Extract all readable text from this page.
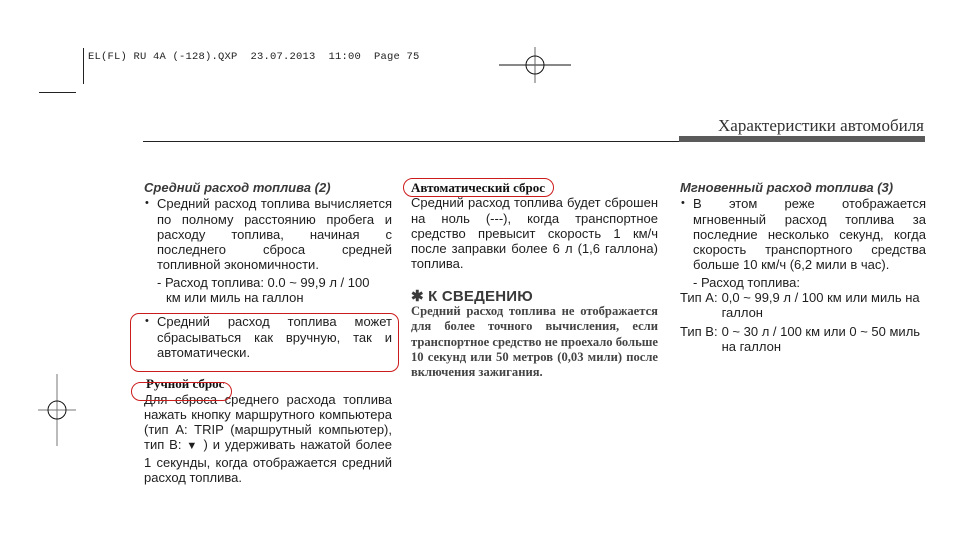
EL(FL) RU 4A (-128).QXP  23.07.2013  11:00  Page 75
Характеристики автомобиля
Средний расход топлива (2)
• Средний расход топлива вычисляется по полному расстоянию пробега и расходу топлива, начиная с последнего сброса средней топливной экономичности.
- Расход топлива: 0.0 ~ 99,9 л / 100
км или миль на галлон
• Средний расход топлива может сбрасываться как вручную, так и автоматически.
Ручной сброс
Для сброса среднего расхода топлива нажать кнопку маршрутного компьютера (тип A: TRIP (маршрутный компьютер), тип B: ▼ ) и удерживать нажатой более 1 секунды, когда отображается средний расход топлива.
Автоматический сброс
Средний расход топлива будет сброшен на ноль (---), когда транспортное средство превысит скорость 1 км/ч после заправки более 6 л (1,6 галлона) топлива.
✱ К СВЕДЕНИЮ
Средний расход топлива не отображается для более точного вычисления, если транспортное средство не проехало больше 10 секунд или 50 метров (0,03 мили) после включения зажигания.
Мгновенный расход топлива (3)
• В этом реже отображается мгновенный расход топлива за последние несколько секунд, когда скорость транспортного средства больше 10 км/ч (6,2 мили в час).
- Расход топлива:
Тип А: 0,0 ~ 99,9 л / 100 км или миль на галлон
Тип B: 0 ~ 30 л / 100 км или 0 ~ 50 миль на галлон
